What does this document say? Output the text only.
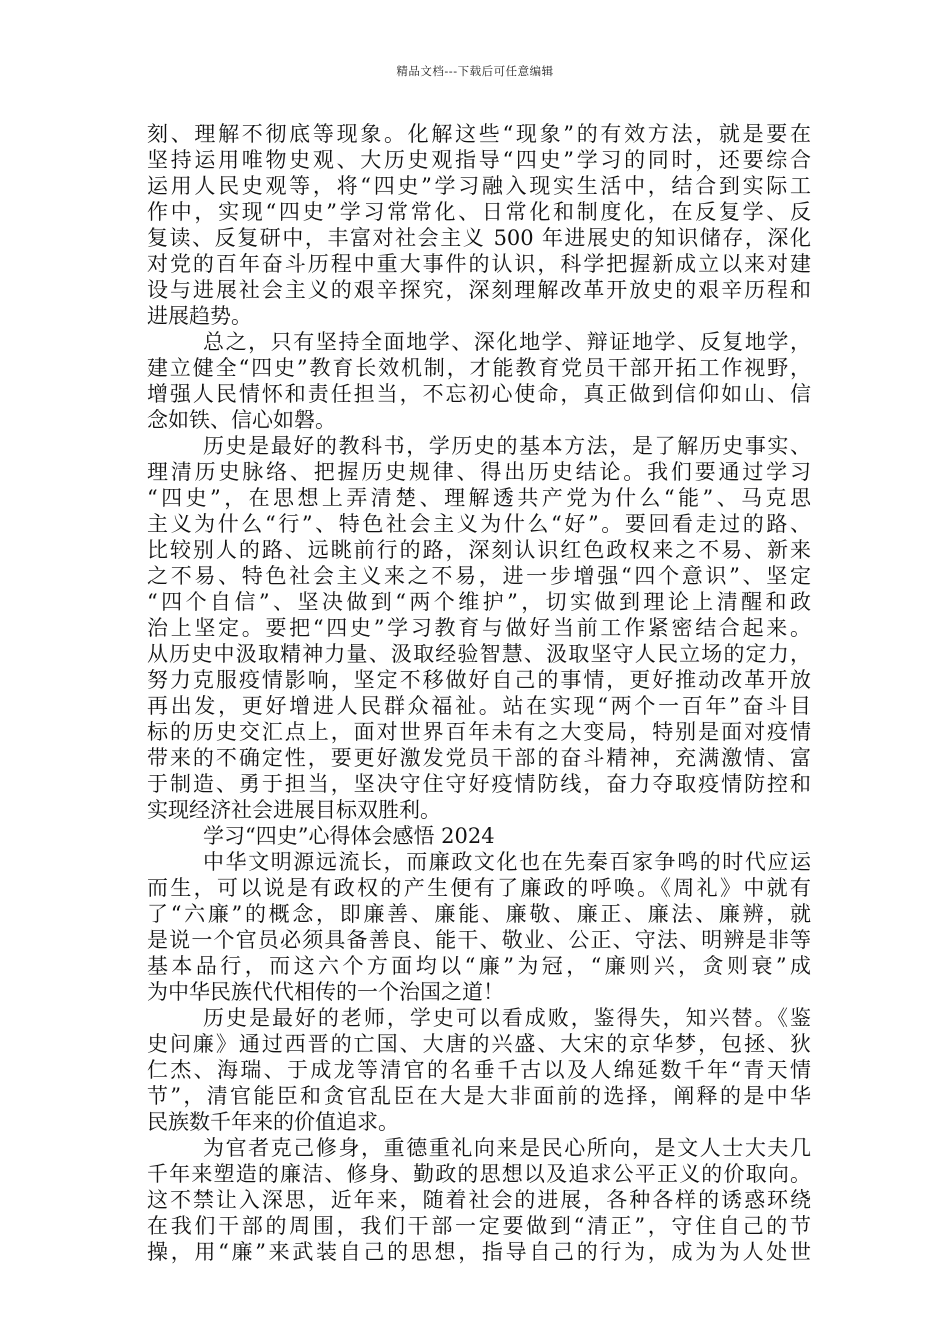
精品文档---下载后可任意编辑
刻、理解不彻底等现象。化解这些“现象”的有效方法，就是要在
坚持运用唯物史观、大历史观指导“四史”学习的同时，还要综合
运用人民史观等，将“四史”学习融入现实生活中，结合到实际工
作中，实现“四史”学习常常化、日常化和制度化，在反复学、反
复读、反复研中，丰富对社会主义 500 年进展史的知识储存，深化
对党的百年奋斗历程中重大事件的认识，科学把握新成立以来对建
设与进展社会主义的艰辛探究，深刻理解改革开放史的艰辛历程和
进展趋势。
总之，只有坚持全面地学、深化地学、辩证地学、反复地学，
建立健全“四史”教育长效机制，才能教育党员干部开拓工作视野，
增强人民情怀和责任担当，不忘初心使命，真正做到信仰如山、信
念如铁、信心如磐。
历史是最好的教科书，学历史的基本方法，是了解历史事实、
理清历史脉络、把握历史规律、得出历史结论。我们要通过学习
“四史”，在思想上弄清楚、理解透共产党为什么“能”、马克思
主义为什么“行”、特色社会主义为什么“好”。要回看走过的路、
比较别人的路、远眺前行的路，深刻认识红色政权来之不易、新来
之不易、特色社会主义来之不易，进一步增强“四个意识”、坚定
“四个自信”、坚决做到“两个维护”，切实做到理论上清醒和政
治上坚定。要把“四史”学习教育与做好当前工作紧密结合起来。
从历史中汲取精神力量、汲取经验智慧、汲取坚守人民立场的定力，
努力克服疫情影响，坚定不移做好自己的事情，更好推动改革开放
再出发，更好增进人民群众福祉。站在实现“两个一百年”奋斗目
标的历史交汇点上，面对世界百年未有之大变局，特别是面对疫情
带来的不确定性，要更好激发党员干部的奋斗精神，充满激情、富
于制造、勇于担当，坚决守住守好疫情防线，奋力夺取疫情防控和
实现经济社会进展目标双胜利。
学习“四史”心得体会感悟 2024
中华文明源远流长，而廉政文化也在先秦百家争鸣的时代应运
而生，可以说是有政权的产生便有了廉政的呼唤。《周礼》中就有
了“六廉”的概念，即廉善、廉能、廉敬、廉正、廉法、廉辨，就
是说一个官员必须具备善良、能干、敬业、公正、守法、明辨是非等
基本品行，而这六个方面均以“廉”为冠，“廉则兴，贪则衰”成
为中华民族代代相传的一个治国之道！
历史是最好的老师，学史可以看成败，鉴得失，知兴替。《鉴
史问廉》通过西晋的亡国、大唐的兴盛、大宋的京华梦，包拯、狄
仁杰、海瑞、于成龙等清官的名垂千古以及人绵延数千年“青天情
节”，清官能臣和贪官乱臣在大是大非面前的选择，阐释的是中华
民族数千年来的价值追求。
为官者克己修身，重德重礼向来是民心所向，是文人士大夫几
千年来塑造的廉洁、修身、勤政的思想以及追求公平正义的价取向。
这不禁让入深思，近年来，随着社会的进展，各种各样的诱惑环绕
在我们干部的周围，我们干部一定要做到“清正”，守住自己的节
操，用“廉”来武装自己的思想，指导自己的行为，成为为人处世
